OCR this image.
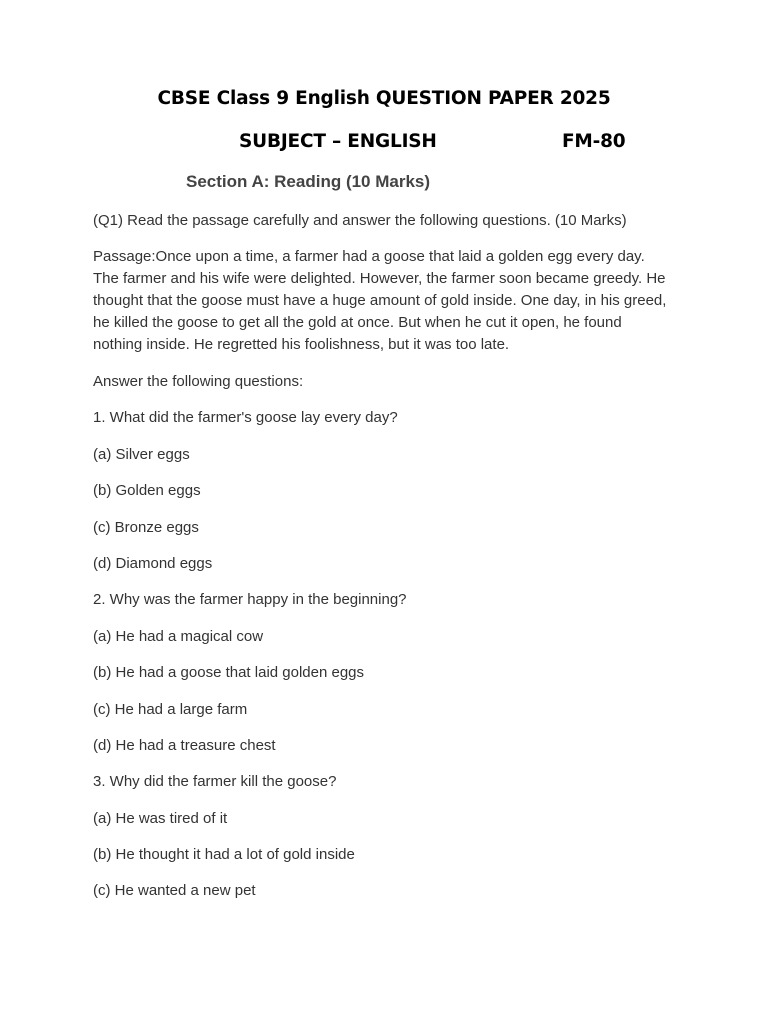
CBSE Class 9 English QUESTION PAPER 2025
SUBJECT – ENGLISH	FM-80
Section A: Reading (10 Marks)
(Q1) Read the passage carefully and answer the following questions. (10 Marks)
Passage:Once upon a time, a farmer had a goose that laid a golden egg every day. The farmer and his wife were delighted. However, the farmer soon became greedy. He thought that the goose must have a huge amount of gold inside. One day, in his greed, he killed the goose to get all the gold at once. But when he cut it open, he found nothing inside. He regretted his foolishness, but it was too late.
Answer the following questions:
1. What did the farmer's goose lay every day?
(a) Silver eggs
(b) Golden eggs
(c) Bronze eggs
(d) Diamond eggs
2. Why was the farmer happy in the beginning?
(a) He had a magical cow
(b) He had a goose that laid golden eggs
(c) He had a large farm
(d) He had a treasure chest
3. Why did the farmer kill the goose?
(a) He was tired of it
(b) He thought it had a lot of gold inside
(c) He wanted a new pet
